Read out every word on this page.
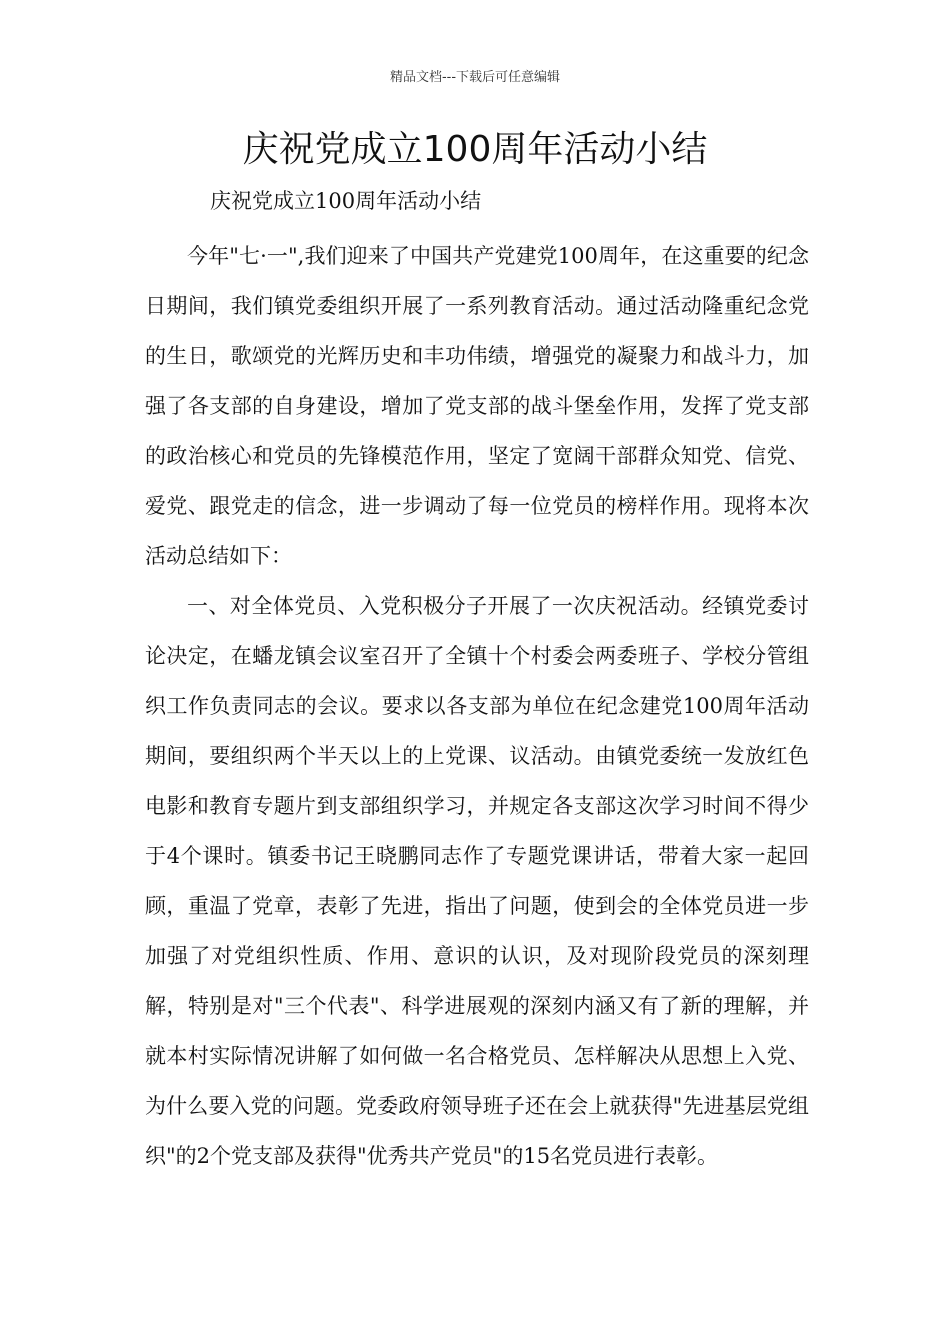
精品文档---下载后可任意编辑
庆祝党成立100周年活动小结
庆祝党成立100周年活动小结

今年"七·一",我们迎来了中国共产党建党100周年，在这重要的纪念日期间，我们镇党委组织开展了一系列教育活动。通过活动隆重纪念党的生日，歌颂党的光辉历史和丰功伟绩，增强党的凝聚力和战斗力，加强了各支部的自身建设，增加了党支部的战斗堡垒作用，发挥了党支部的政治核心和党员的先锋模范作用，坚定了宽阔干部群众知党、信党、爱党、跟党走的信念，进一步调动了每一位党员的榜样作用。现将本次活动总结如下：

一、对全体党员、入党积极分子开展了一次庆祝活动。经镇党委讨论决定，在蟠龙镇会议室召开了全镇十个村委会两委班子、学校分管组织工作负责同志的会议。要求以各支部为单位在纪念建党100周年活动期间，要组织两个半天以上的上党课、议活动。由镇党委统一发放红色电影和教育专题片到支部组织学习，并规定各支部这次学习时间不得少于4个课时。镇委书记王晓鹏同志作了专题党课讲话，带着大家一起回顾，重温了党章，表彰了先进，指出了问题，使到会的全体党员进一步加强了对党组织性质、作用、意识的认识，及对现阶段党员的深刻理解，特别是对"三个代表"、科学进展观的深刻内涵又有了新的理解，并就本村实际情况讲解了如何做一名合格党员、怎样解决从思想上入党、为什么要入党的问题。党委政府领导班子还在会上就获得"先进基层党组织"的2个党支部及获得"优秀共产党员"的15名党员进行表彰。
